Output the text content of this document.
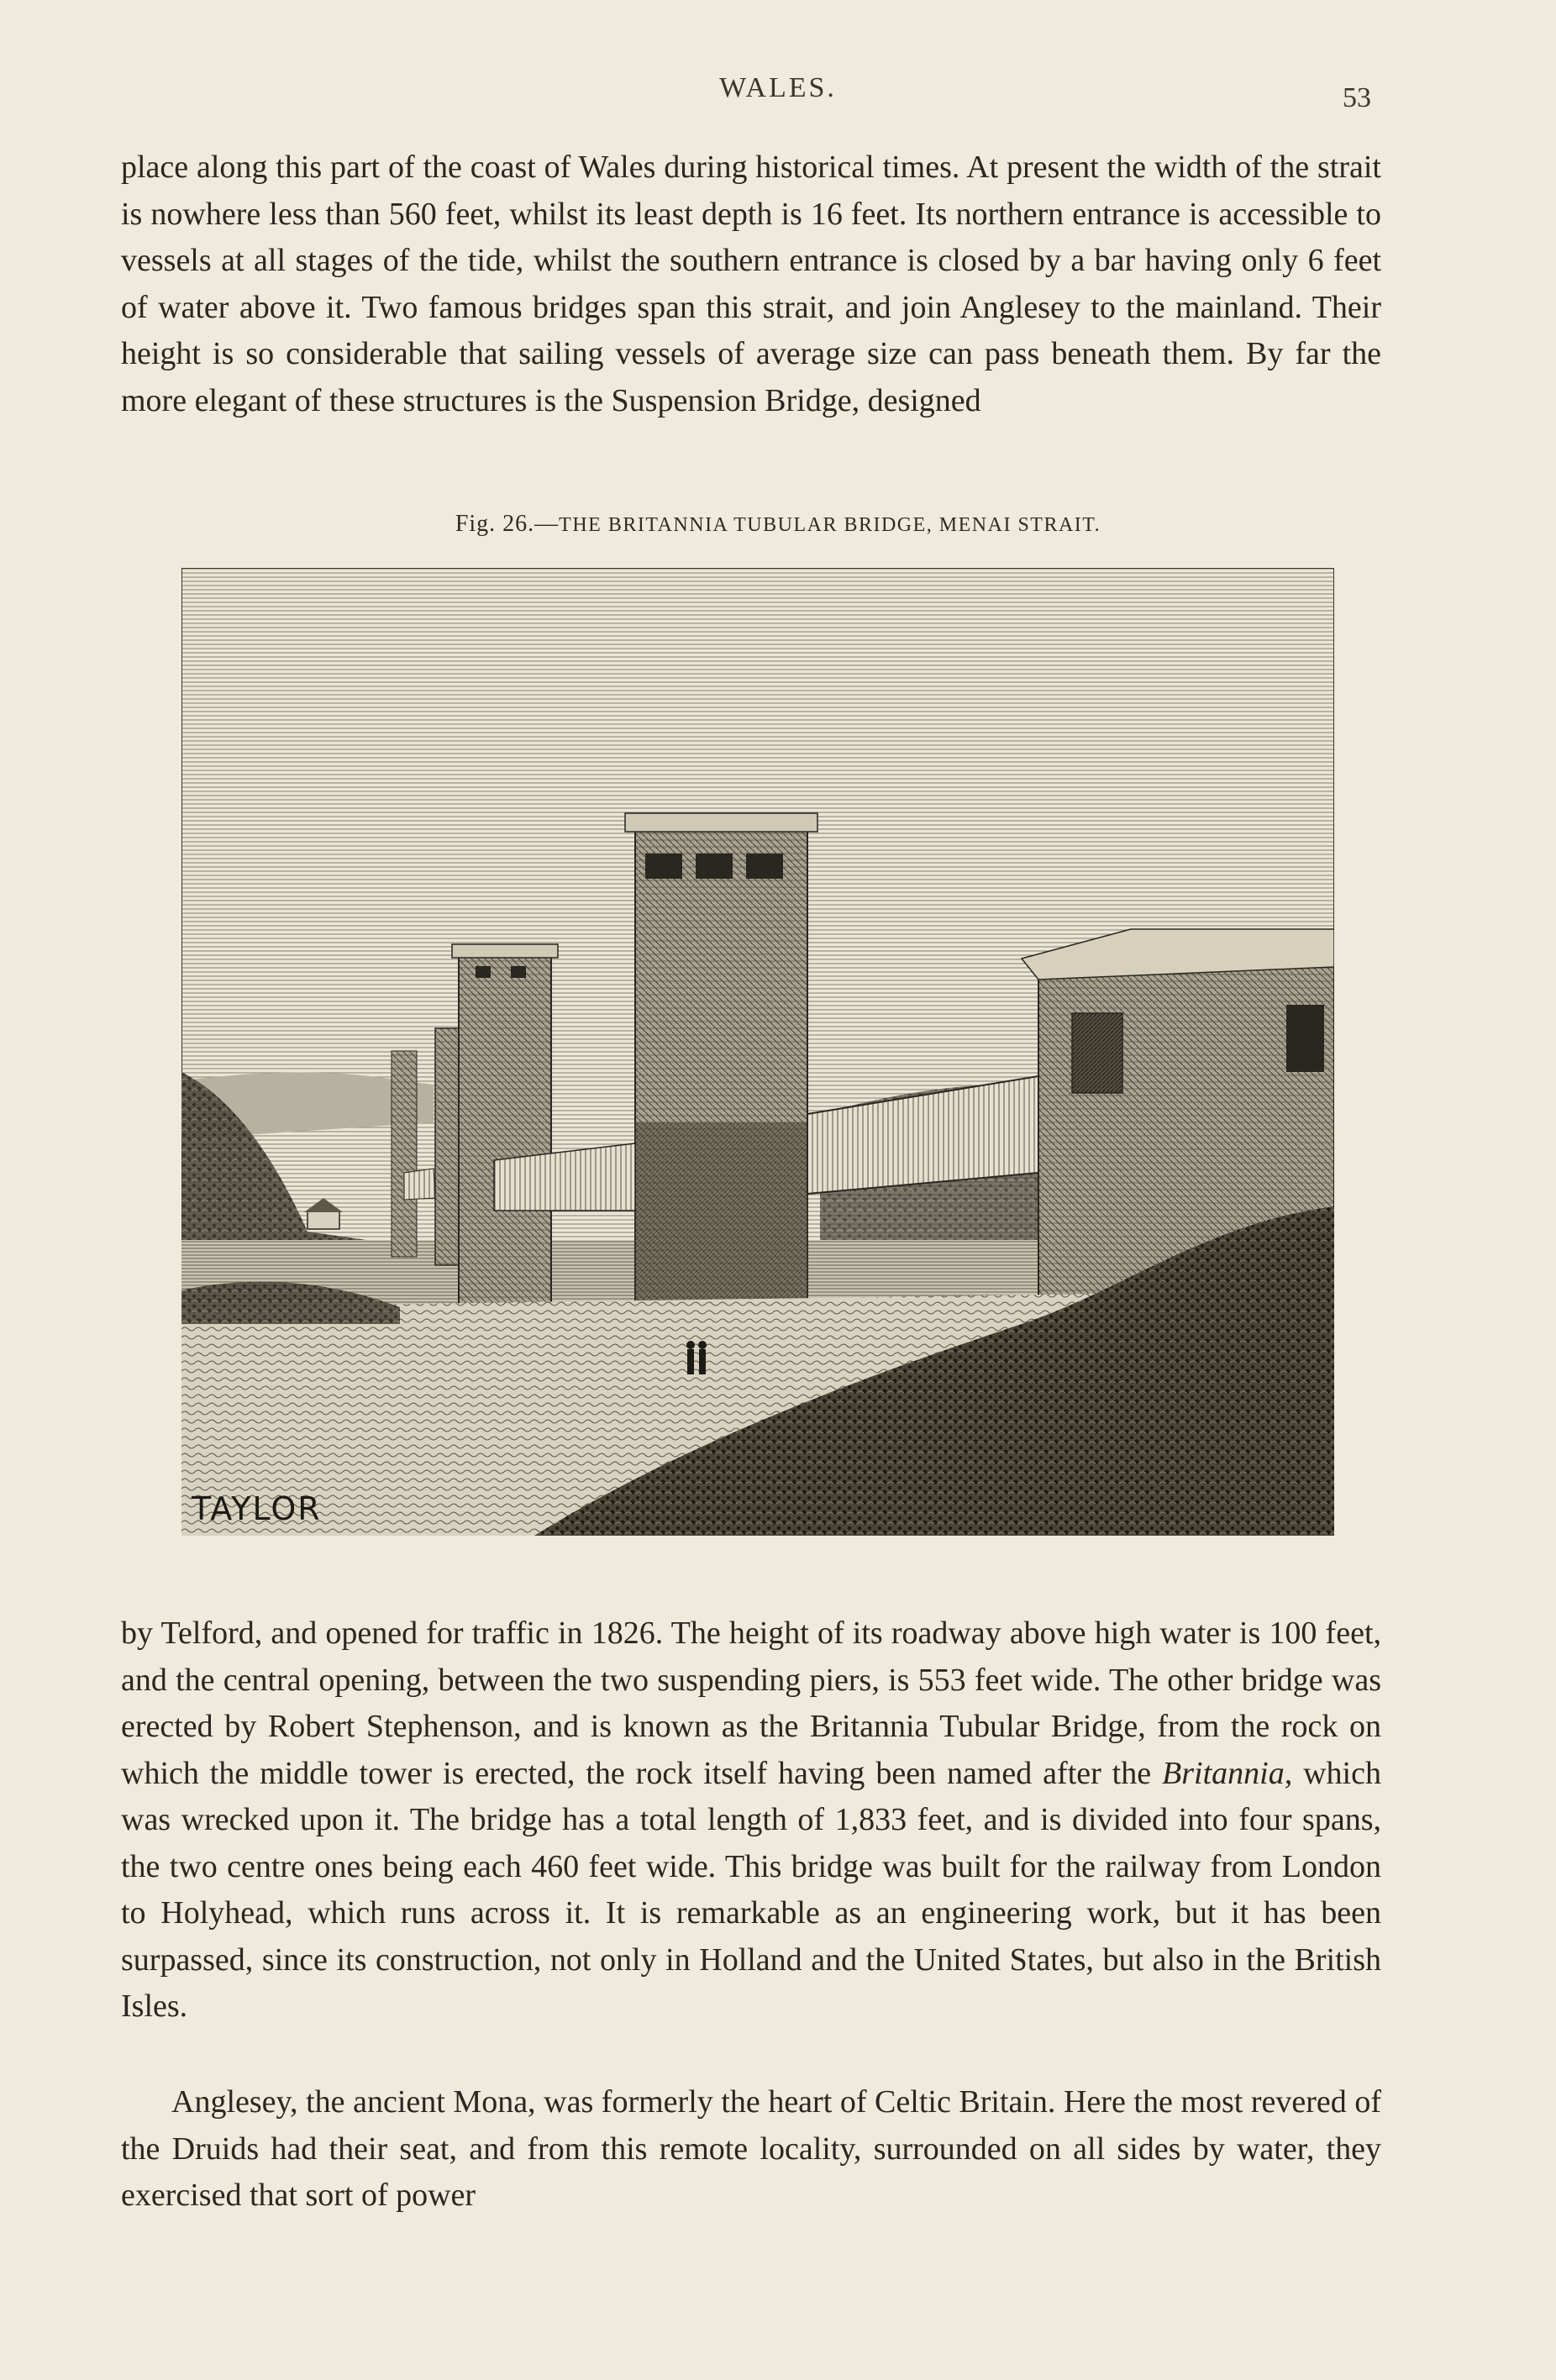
WALES.	53

place along this part of the coast of Wales during historical times. At present the width of the strait is nowhere less than 560 feet, whilst its least depth is 16 feet. Its northern entrance is accessible to vessels at all stages of the tide, whilst the southern entrance is closed by a bar having only 6 feet of water above it. Two famous bridges span this strait, and join Anglesey to the mainland. Their height is so considerable that sailing vessels of average size can pass beneath them. By far the more elegant of these structures is the Suspension Bridge, designed

Fig. 26.—THE BRITANNIA TUBULAR BRIDGE, MENAI STRAIT.
TAYLOR

by Telford, and opened for traffic in 1826. The height of its roadway above high water is 100 feet, and the central opening, between the two suspending piers, is 553 feet wide. The other bridge was erected by Robert Stephenson, and is known as the Britannia Tubular Bridge, from the rock on which the middle tower is erected, the rock itself having been named after the Britannia, which was wrecked upon it. The bridge has a total length of 1,833 feet, and is divided into four spans, the two centre ones being each 460 feet wide. This bridge was built for the railway from London to Holyhead, which runs across it. It is remarkable as an engineering work, but it has been surpassed, since its construction, not only in Holland and the United States, but also in the British Isles.

Anglesey, the ancient Mona, was formerly the heart of Celtic Britain. Here the most revered of the Druids had their seat, and from this remote locality, surrounded on all sides by water, they exercised that sort of power
